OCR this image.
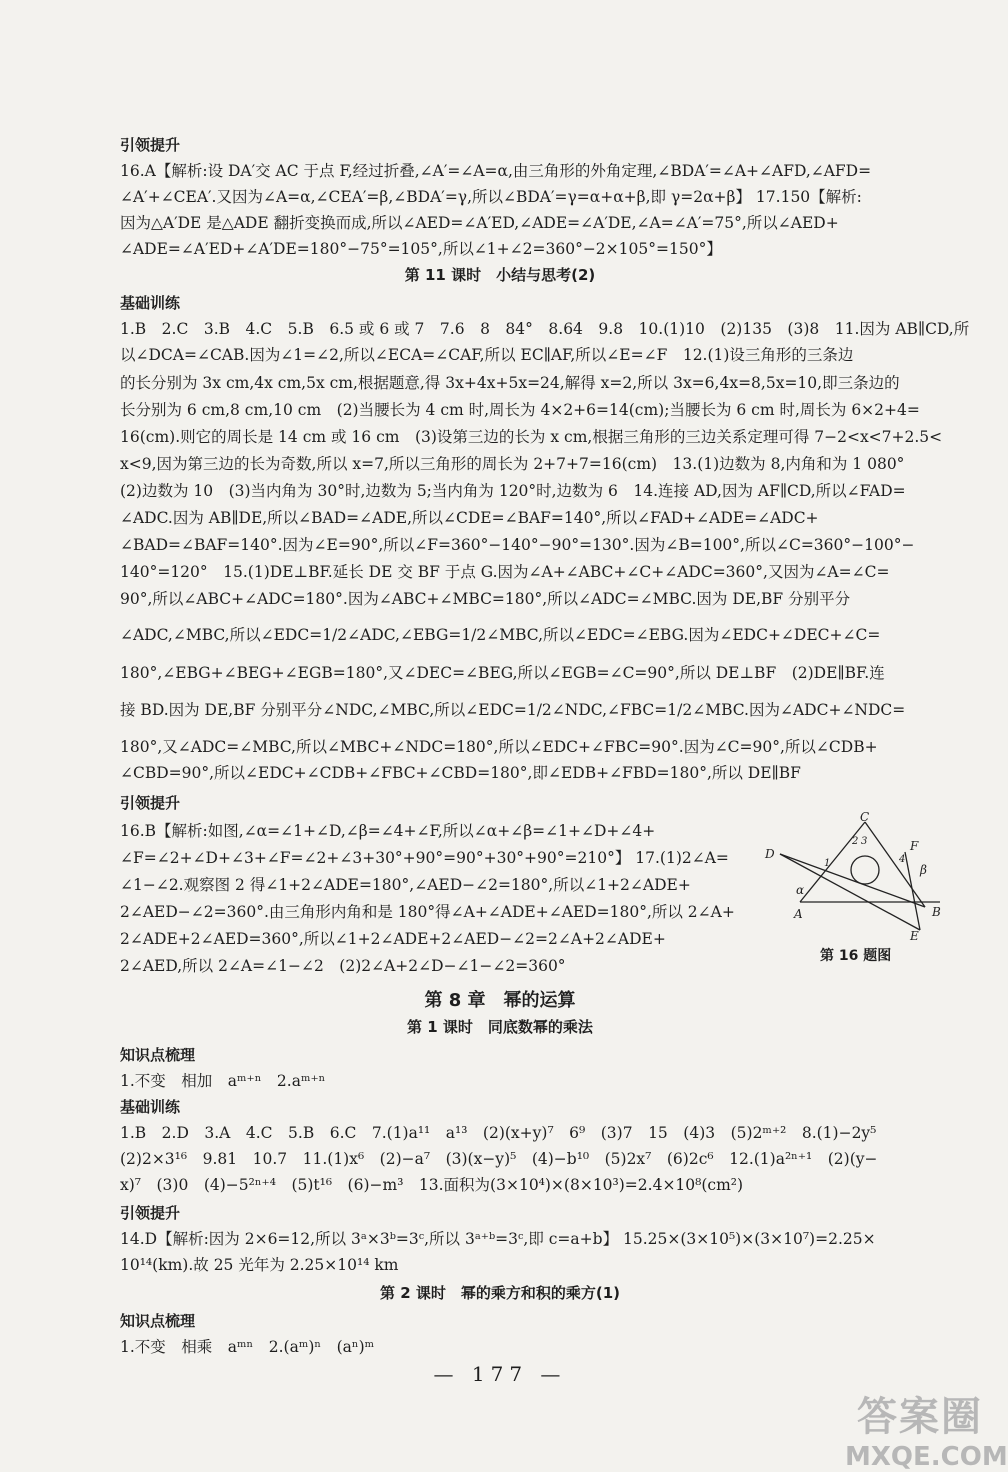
引领提升
16.A【解析:设 DA′交 AC 于点 F,经过折叠,∠A′=∠A=α,由三角形的外角定理,∠BDA′=∠A+∠AFD,∠AFD=
∠A′+∠CEA′.又因为∠A=α,∠CEA′=β,∠BDA′=γ,所以∠BDA′=γ=α+α+β,即 γ=2α+β】 17.150【解析:
因为△A′DE 是△ADE 翻折变换而成,所以∠AED=∠A′ED,∠ADE=∠A′DE,∠A=∠A′=75°,所以∠AED+
∠ADE=∠A′ED+∠A′DE=180°−75°=105°,所以∠1+∠2=360°−2×105°=150°】
第 11 课时　小结与思考(2)
基础训练
1.B　2.C　3.B　4.C　5.B　6.5 或 6 或 7　7.6　8　84°　8.64　9.8　10.(1)10　(2)135　(3)8　11.因为 AB∥CD,所
以∠DCA=∠CAB.因为∠1=∠2,所以∠ECA=∠CAF,所以 EC∥AF,所以∠E=∠F　12.(1)设三角形的三条边
的长分别为 3x cm,4x cm,5x cm,根据题意,得 3x+4x+5x=24,解得 x=2,所以 3x=6,4x=8,5x=10,即三条边的
长分别为 6 cm,8 cm,10 cm　(2)当腰长为 4 cm 时,周长为 4×2+6=14(cm);当腰长为 6 cm 时,周长为 6×2+4=
16(cm).则它的周长是 14 cm 或 16 cm　(3)设第三边的长为 x cm,根据三角形的三边关系定理可得 7−2<x<7+2.5<
x<9,因为第三边的长为奇数,所以 x=7,所以三角形的周长为 2+7+7=16(cm)　13.(1)边数为 8,内角和为 1 080°
(2)边数为 10　(3)当内角为 30°时,边数为 5;当内角为 120°时,边数为 6　14.连接 AD,因为 AF∥CD,所以∠FAD=
∠ADC.因为 AB∥DE,所以∠BAD=∠ADE,所以∠CDE=∠BAF=140°,所以∠FAD+∠ADE=∠ADC+
∠BAD=∠BAF=140°.因为∠E=90°,所以∠F=360°−140°−90°=130°.因为∠B=100°,所以∠C=360°−100°−
140°=120°　15.(1)DE⊥BF.延长 DE 交 BF 于点 G.因为∠A+∠ABC+∠C+∠ADC=360°,又因为∠A=∠C=
90°,所以∠ABC+∠ADC=180°.因为∠ABC+∠MBC=180°,所以∠ADC=∠MBC.因为 DE,BF 分别平分
∠ADC,∠MBC,所以∠EDC=1/2∠ADC,∠EBG=1/2∠MBC,所以∠EDC=∠EBG.因为∠EDC+∠DEC+∠C=
180°,∠EBG+∠BEG+∠EGB=180°,又∠DEC=∠BEG,所以∠EGB=∠C=90°,所以 DE⊥BF　(2)DE∥BF.连
接 BD.因为 DE,BF 分别平分∠NDC,∠MBC,所以∠EDC=1/2∠NDC,∠FBC=1/2∠MBC.因为∠ADC+∠NDC=
180°,又∠ADC=∠MBC,所以∠MBC+∠NDC=180°,所以∠EDC+∠FBC=90°.因为∠C=90°,所以∠CDB+
∠CBD=90°,所以∠EDC+∠CDB+∠FBC+∠CBD=180°,即∠EDB+∠FBD=180°,所以 DE∥BF
引领提升
16.B【解析:如图,∠α=∠1+∠D,∠β=∠4+∠F,所以∠α+∠β=∠1+∠D+∠4+
∠F=∠2+∠D+∠3+∠F=∠2+∠3+30°+90°=90°+30°+90°=210°】 17.(1)2∠A=
∠1−∠2.观察图 2 得∠1+2∠ADE=180°,∠AED−∠2=180°,所以∠1+2∠ADE+
2∠AED−∠2=360°.由三角形内角和是 180°得∠A+∠ADE+∠AED=180°,所以 2∠A+
2∠ADE+2∠AED=360°,所以∠1+2∠ADE+2∠AED−∠2=2∠A+2∠ADE+
2∠AED,所以 2∠A=∠1−∠2　(2)2∠A+2∠D−∠1−∠2=360°
C
F
D
α
β
A	B
E
1
2 3
4
第 16 题图
第 8 章　幂的运算
第 1 课时　同底数幂的乘法
知识点梳理
1.不变　相加　aᵐ⁺ⁿ　2.aᵐ⁺ⁿ
基础训练
1.B　2.D　3.A　4.C　5.B　6.C　7.(1)a¹¹　a¹³　(2)(x+y)⁷　6⁹　(3)7　15　(4)3　(5)2ᵐ⁺²　8.(1)−2y⁵
(2)2×3¹⁶　9.81　10.7　11.(1)x⁶　(2)−a⁷　(3)(x−y)⁵　(4)−b¹⁰　(5)2x⁷　(6)2c⁶　12.(1)a²ⁿ⁺¹　(2)(y−
x)⁷　(3)0　(4)−5²ⁿ⁺⁴　(5)t¹⁶　(6)−m³　13.面积为(3×10⁴)×(8×10³)=2.4×10⁸(cm²)
引领提升
14.D【解析:因为 2×6=12,所以 3ᵃ×3ᵇ=3ᶜ,所以 3ᵃ⁺ᵇ=3ᶜ,即 c=a+b】 15.25×(3×10⁵)×(3×10⁷)=2.25×
10¹⁴(km).故 25 光年为 2.25×10¹⁴ km
第 2 课时　幂的乘方和积的乘方(1)
知识点梳理
1.不变　相乘　aᵐⁿ　2.(aᵐ)ⁿ　(aⁿ)ᵐ
— 177 —
答案圈
MXQE.COM
